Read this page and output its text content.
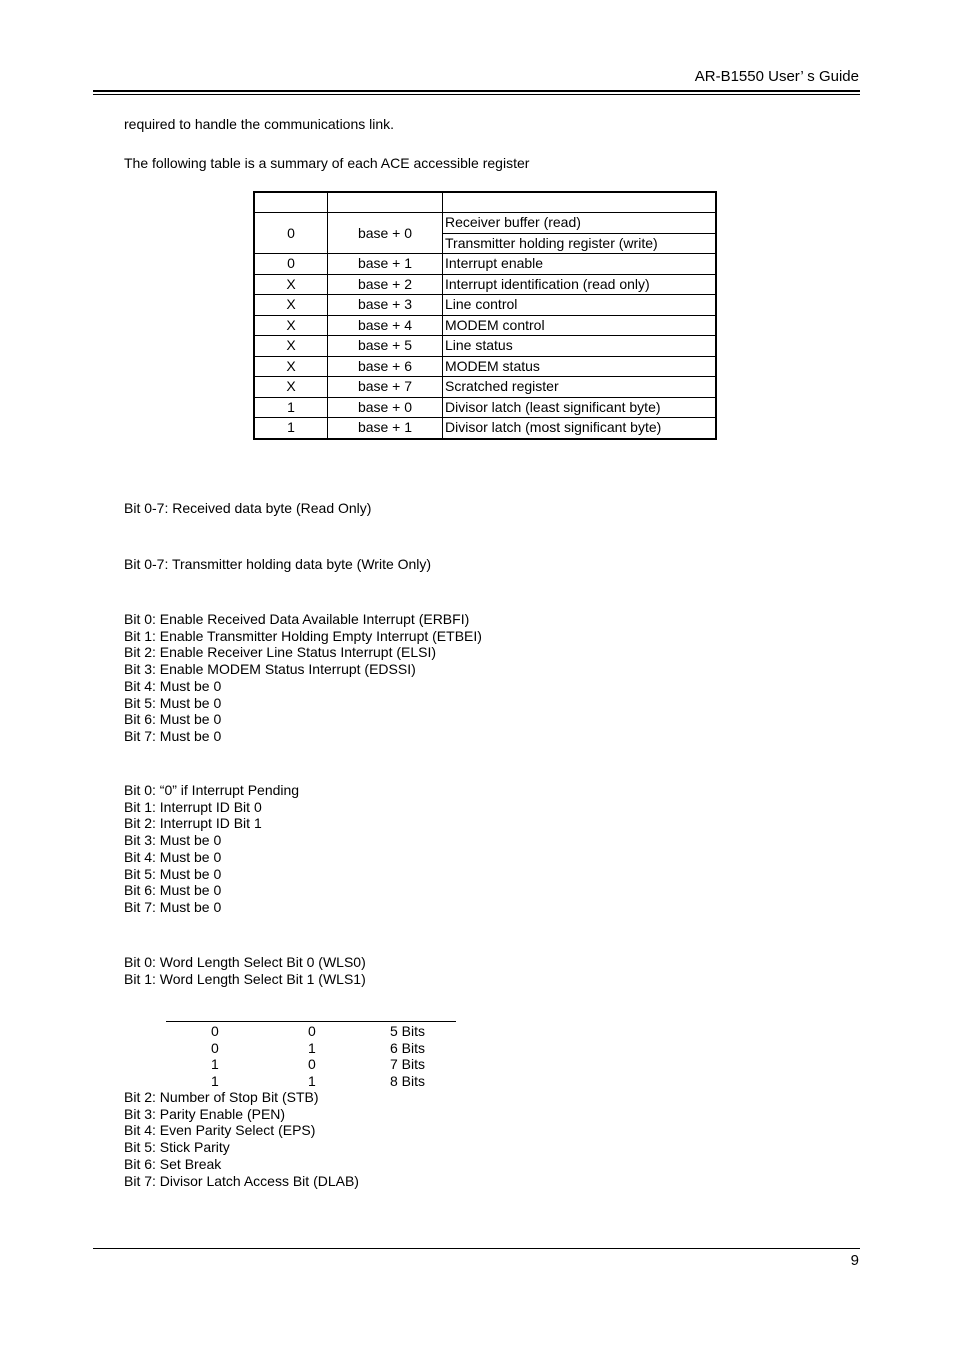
AR-B1550 User’ s Guide
required to handle the communications link.
The following table is a summary of each ACE accessible register

0	base + 0	Receiver buffer (read)
		Transmitter holding register (write)
0	base + 1	Interrupt enable
X	base + 2	Interrupt identification (read only)
X	base + 3	Line control
X	base + 4	MODEM control
X	base + 5	Line status
X	base + 6	MODEM status
X	base + 7	Scratched register
1	base + 0	Divisor latch (least significant byte)
1	base + 1	Divisor latch (most significant byte)
Bit 0-7: Received data byte (Read Only)
Bit 0-7: Transmitter holding data byte (Write Only)
Bit 0: Enable Received Data Available Interrupt (ERBFI)
Bit 1: Enable Transmitter Holding Empty Interrupt (ETBEI)
Bit 2: Enable Receiver Line Status Interrupt (ELSI)
Bit 3: Enable MODEM Status Interrupt (EDSSI)
Bit 4: Must be 0
Bit 5: Must be 0
Bit 6: Must be 0
Bit 7: Must be 0
Bit 0: “0” if Interrupt Pending
Bit 1: Interrupt ID Bit 0
Bit 2: Interrupt ID Bit 1
Bit 3: Must be 0
Bit 4: Must be 0
Bit 5: Must be 0
Bit 6: Must be 0
Bit 7: Must be 0
Bit 0: Word Length Select Bit 0 (WLS0)
Bit 1: Word Length Select Bit 1 (WLS1)
0	0	5 Bits
0	1	6 Bits
1	0	7 Bits
1	1	8 Bits
Bit 2: Number of Stop Bit (STB)
Bit 3: Parity Enable (PEN)
Bit 4: Even Parity Select (EPS)
Bit 5: Stick Parity
Bit 6: Set Break
Bit 7: Divisor Latch Access Bit (DLAB)
9
